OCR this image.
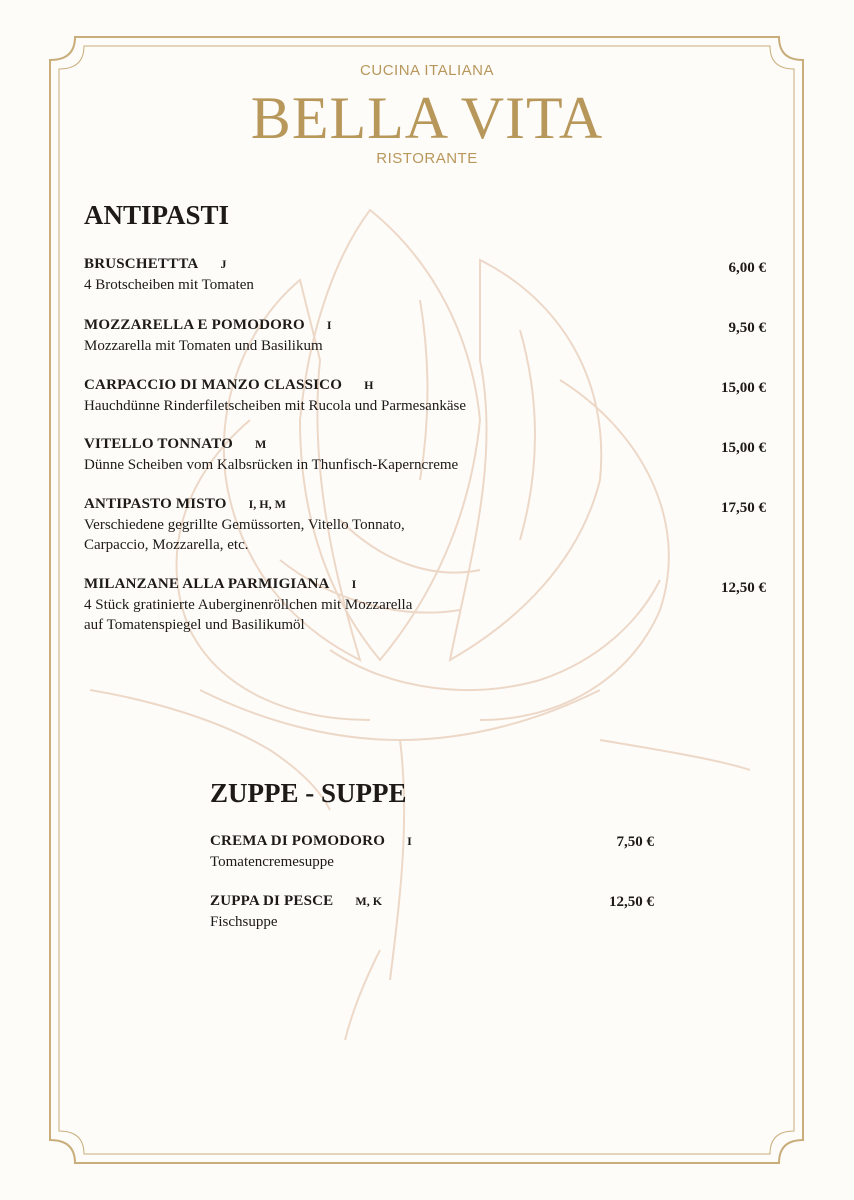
CUCINA ITALIANA
BELLA VITA
RISTORANTE
ANTIPASTI
BRUSCHETTTA J
4 Brotscheiben mit Tomaten
6,00 €
MOZZARELLA E POMODORO I
Mozzarella mit Tomaten und Basilikum
9,50 €
CARPACCIO DI MANZO CLASSICO H
Hauchdünne Rinderfiletscheiben mit Rucola und Parmesankäse
15,00 €
VITELLO TONNATO M
Dünne Scheiben vom Kalbsrücken in Thunfisch-Kaperncreme
15,00 €
ANTIPASTO MISTO I, H, M
Verschiedene gegrillte Gemüssorten, Vitello Tonnato,
Carpaccio, Mozzarella, etc.
17,50 €
MILANZANE ALLA PARMIGIANA I
4 Stück gratinierte Auberginenröllchen mit Mozzarella
auf Tomatenspiegel und Basilikumöl
12,50 €
ZUPPE - SUPPE
CREMA DI POMODORO I
Tomatencremesuppe
7,50 €
ZUPPA DI PESCE M, K
Fischsuppe
12,50 €
